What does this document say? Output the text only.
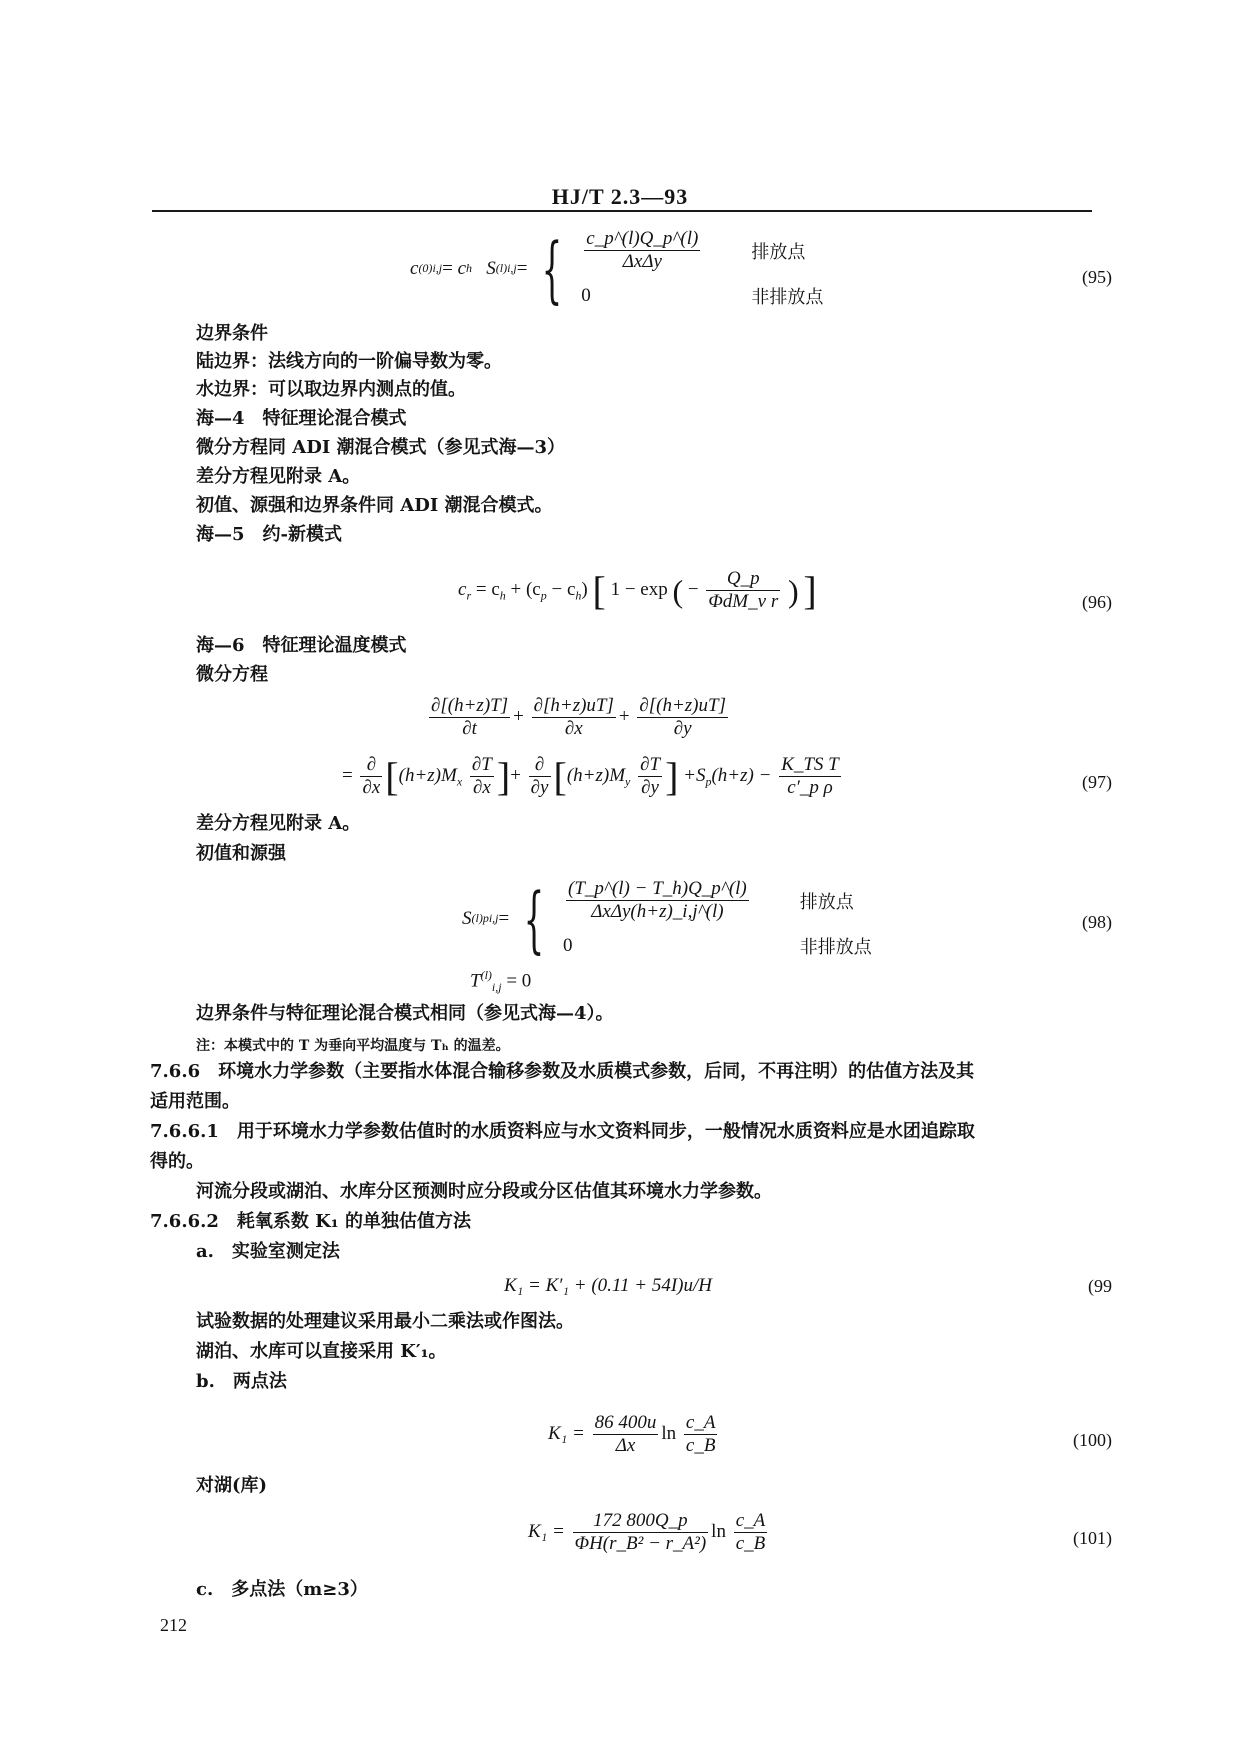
HJ/T 2.3—93
c (0) i,j =
c h
S (l) i,j = { $\frac{c\_p\^{}(l)Q\_p\^{}(l)}{\text{ΔxΔy}}$	排放点
0	非排放点
(95)
边界条件
陆边界：法线方向的一阶偏导数为零。
水边界：可以取边界内测点的值。
海—4　特征理论混合模式
微分方程同 ADI 潮混合模式（参见式海—3）
差分方程见附录 A。
初值、源强和边界条件同 ADI 潮混合模式。
海—5　约-新模式
$c_r = c_h + (c_p - c_h)$ [ 1 − exp ( − $\frac{Q\_p}{\text{ΦdM\_v r}}$ ) ]	(96)
海—6　特征理论温度模式
微分方程
$\frac{\partial[(h+z)T]}{\partial t} + \frac{\partial[h+z)uT]}{\partial x} + \frac{\partial[(h+z)uT]}{\partial y}$
= $\frac{\partial}{\partial x} [(h+z)M_x \frac{\partial T}{\partial x}$ ]+ $\frac{\partial}{\partial y} [(h+z)M_y \frac{\partial T}{\partial y}$ ] $+S_p(h+z) - \frac{\text{K\_TS T}}{\text{c′\_p ρ}}$	(97)
差分方程见附录 A。
初值和源强
S (l) pi,j = { $\frac{(T\_p\^{}(l) - T\_h)Q\_p\^{}(l)}{\text{ΔxΔy(h+z)\_i,j\textasciicircum{}(l)}}$	排放点
0	非排放点
(98)
$T^{(l)}_{i,j} = 0$
边界条件与特征理论混合模式相同（参见式海—4）。
注：本模式中的 T 为垂向平均温度与 Tₕ 的温差。
7.6.6　环境水力学参数（主要指水体混合输移参数及水质模式参数，后同，不再注明）的估值方法及其
适用范围。
7.6.6.1　用于环境水力学参数估值时的水质资料应与水文资料同步，一般情况水质资料应是水团追踪取
得的。
河流分段或湖泊、水库分区预测时应分段或分区估值其环境水力学参数。
7.6.6.2　耗氧系数 K₁ 的单独估值方法
a.　实验室测定法
K₁ = K′₁ + (0.11 + 54I)u/H	(99
试验数据的处理建议采用最小二乘法或作图法。
湖泊、水库可以直接采用 K′₁。
b.　两点法
$K_1 = \frac{86 400u}{\Delta x}$ $\ln \frac{c\_A}{c\_B}$	(100)
对湖(库)
$K_1 = \frac{172 800Q\_p}{\text{ΦH(r\_B² − r\_A²)}}$ $\ln \frac{c\_A}{c\_B}$	(101)
c.　多点法（m≥3）
212
